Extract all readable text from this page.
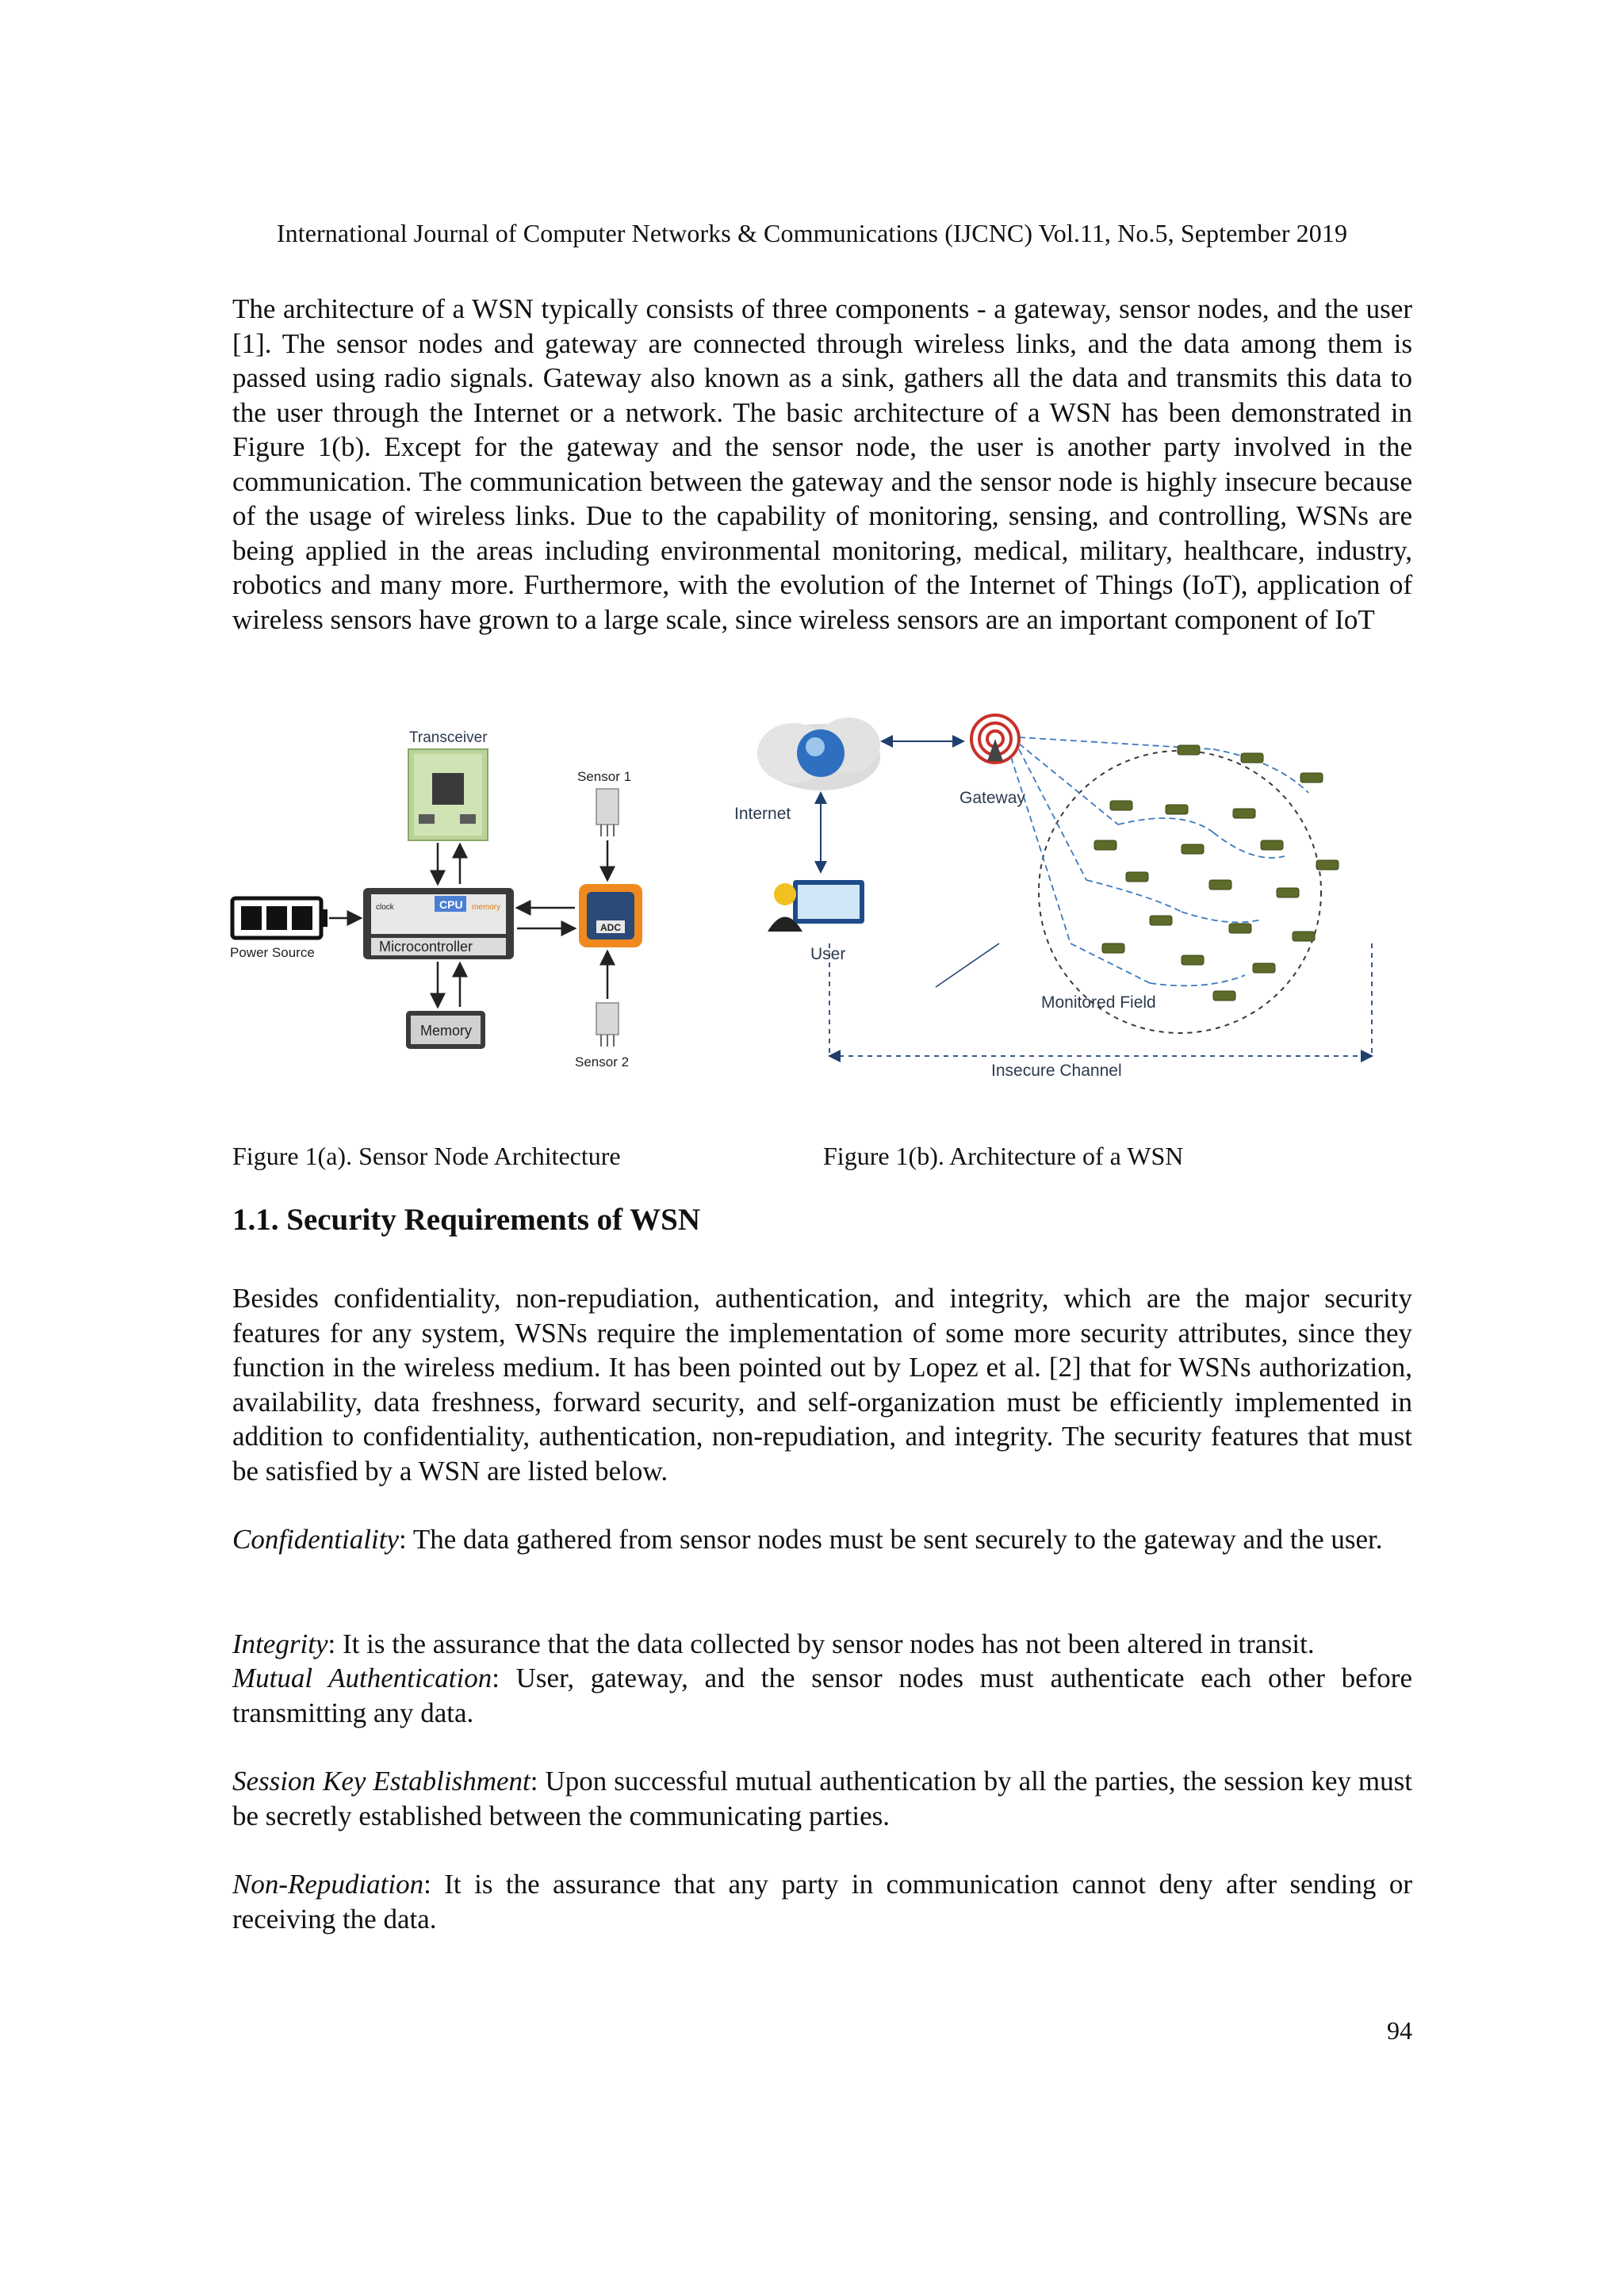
International Journal of Computer Networks & Communications (IJCNC) Vol.11, No.5, September 2019
The architecture of a WSN typically consists of three components - a gateway, sensor nodes, and the user [1]. The sensor nodes and gateway are connected through wireless links, and the data among them is passed using radio signals. Gateway also known as a sink, gathers all the data and transmits this data to the user through the Internet or a network. The basic architecture of a WSN has been demonstrated in Figure 1(b). Except for the gateway and the sensor node, the user is another party involved in the communication. The communication between the gateway and the sensor node is highly insecure because of the usage of wireless links. Due to the capability of monitoring, sensing, and controlling, WSNs are being applied in the areas including environmental monitoring, medical, military, healthcare, industry, robotics and many more. Furthermore, with the evolution of the Internet of Things (IoT), application of wireless sensors have grown to a large scale, since wireless sensors are an important component of IoT
clock	CPU memory
Microcontroller
Power Source
Memory
ADC
Sensor 1
Sensor 2
Transceiver
Internet
Gateway
User
Monitored Field
Insecure Channel
Figure 1(a). Sensor Node Architecture	Figure 1(b). Architecture of a WSN
1.1. Security Requirements of WSN
Besides confidentiality, non-repudiation, authentication, and integrity, which are the major security features for any system, WSNs require the implementation of some more security attributes, since they function in the wireless medium. It has been pointed out by Lopez et al. [2] that for WSNs authorization, availability, data freshness, forward security, and self-organization must be efficiently implemented in addition to confidentiality, authentication, non-repudiation, and integrity. The security features that must be satisfied by a WSN are listed below.
Confidentiality: The data gathered from sensor nodes must be sent securely to the gateway and the user.
Integrity: It is the assurance that the data collected by sensor nodes has not been altered in transit.
Mutual Authentication: User, gateway, and the sensor nodes must authenticate each other before transmitting any data.
Session Key Establishment: Upon successful mutual authentication by all the parties, the session key must be secretly established between the communicating parties.
Non-Repudiation: It is the assurance that any party in communication cannot deny after sending or receiving the data.
94
